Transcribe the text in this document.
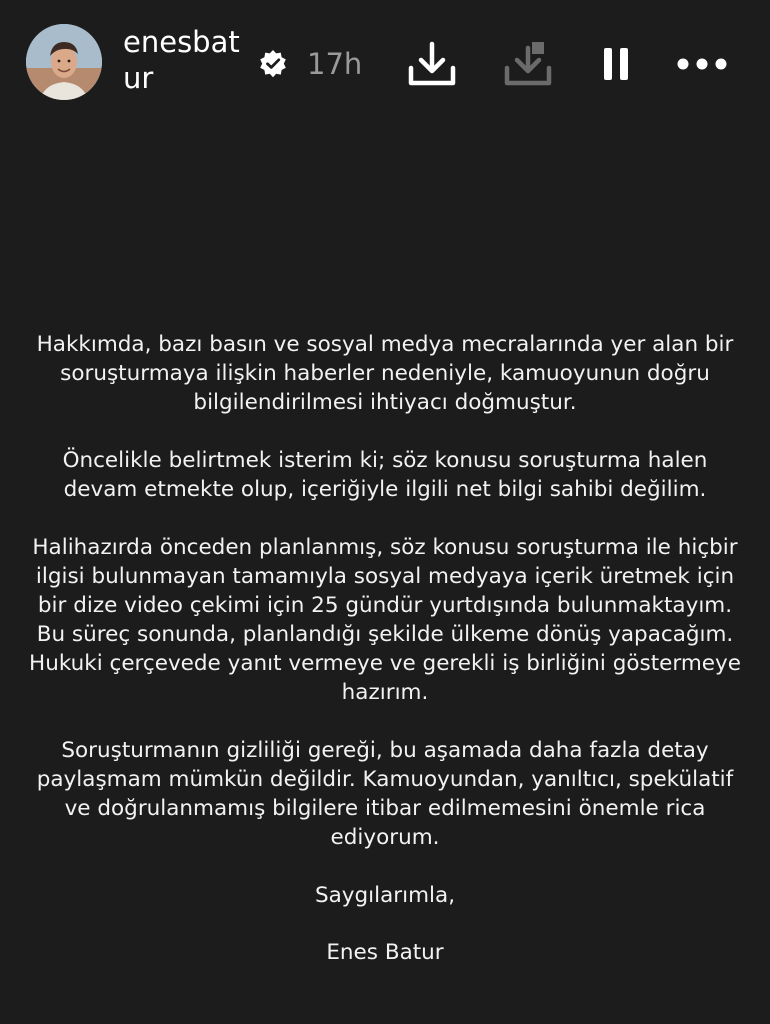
enesbatur	17h

Hakkımda, bazı basın ve sosyal medya mecralarında yer alan bir soruşturmaya ilişkin haberler nedeniyle, kamuoyunun doğru bilgilendirilmesi ihtiyacı doğmuştur.

Öncelikle belirtmek isterim ki; söz konusu soruşturma halen devam etmekte olup, içeriğiyle ilgili net bilgi sahibi değilim.

Halihazırda önceden planlanmış, söz konusu soruşturma ile hiçbir ilgisi bulunmayan tamamıyla sosyal medyaya içerik üretmek için bir dize video çekimi için 25 gündür yurtdışında bulunmaktayım. Bu süreç sonunda, planlandığı şekilde ülkeme dönüş yapacağım. Hukuki çerçevede yanıt vermeye ve gerekli iş birliğini göstermeye hazırım.

Soruşturmanın gizliliği gereği, bu aşamada daha fazla detay paylaşmam mümkün değildir. Kamuoyundan, yanıltıcı, spekülatif ve doğrulanmamış bilgilere itibar edilmemesini önemle rica ediyorum.

Saygılarımla,

Enes Batur
